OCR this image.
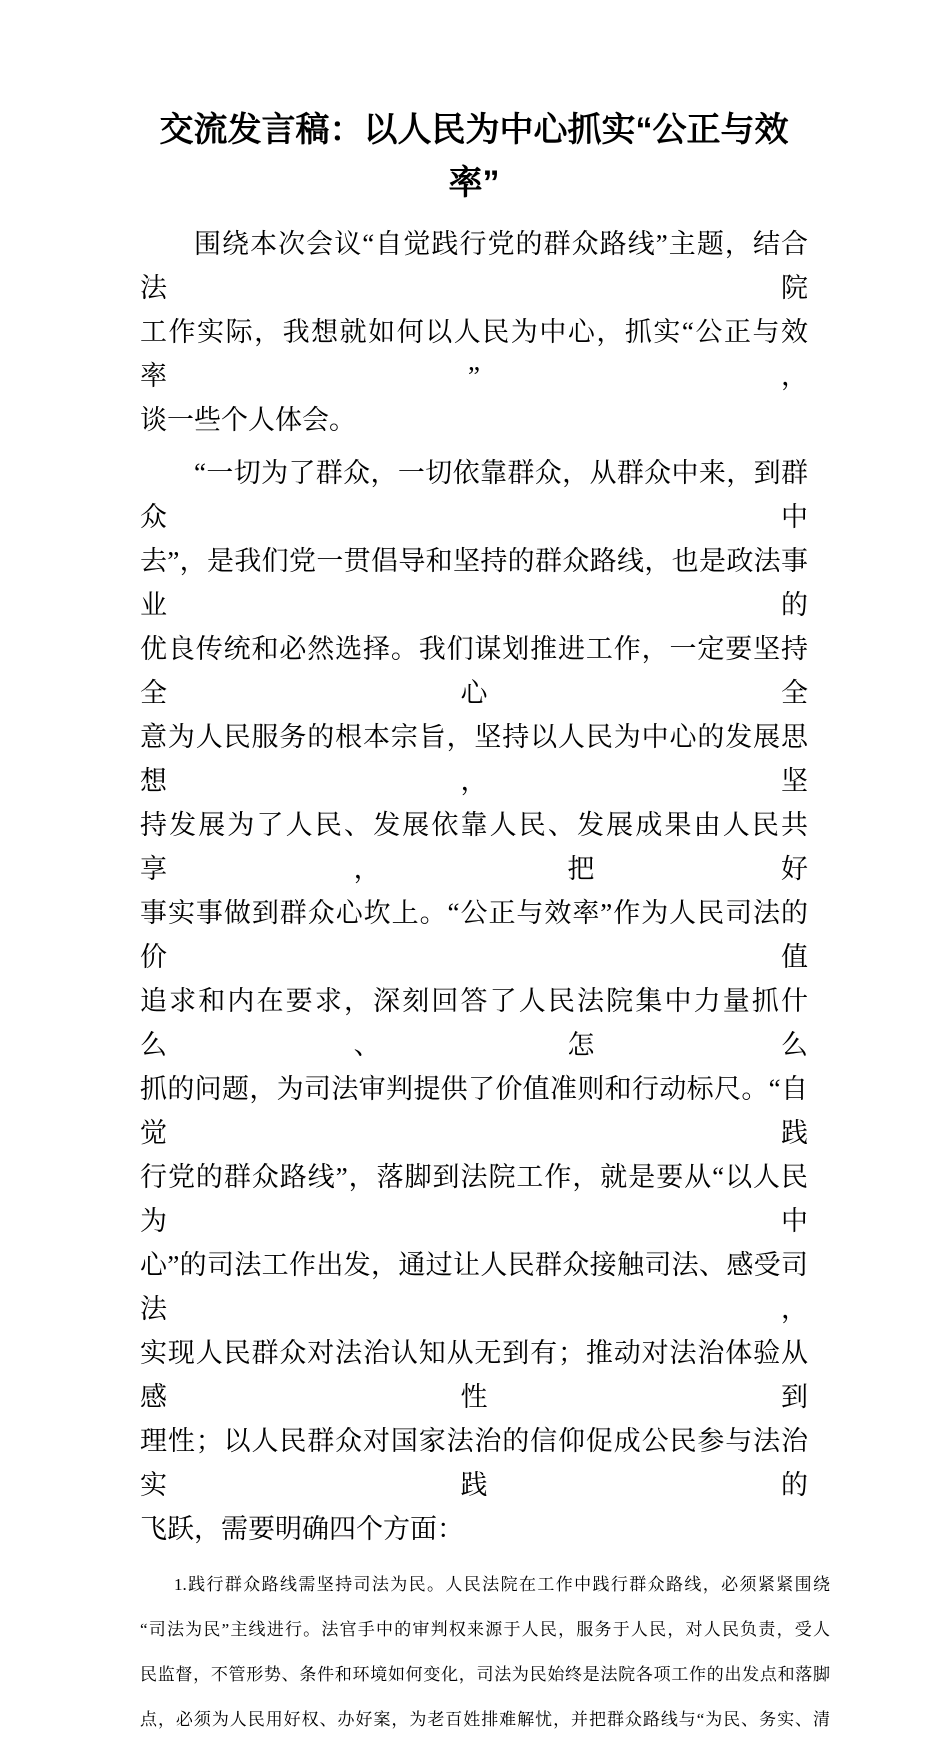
交流发言稿：以人民为中心抓实“公正与效
率”
围绕本次会议“自觉践行党的群众路线”主题，结合法院
工作实际，我想就如何以人民为中心，抓实“公正与效率”，
谈一些个人体会。
“一切为了群众，一切依靠群众，从群众中来，到群众中
去”，是我们党一贯倡导和坚持的群众路线，也是政法事业的
优良传统和必然选择。我们谋划推进工作，一定要坚持全心全
意为人民服务的根本宗旨，坚持以人民为中心的发展思想，坚
持发展为了人民、发展依靠人民、发展成果由人民共享，把好
事实事做到群众心坎上。“公正与效率”作为人民司法的价值
追求和内在要求，深刻回答了人民法院集中力量抓什么、怎么
抓的问题，为司法审判提供了价值准则和行动标尺。“自觉践
行党的群众路线”，落脚到法院工作，就是要从“以人民为中
心”的司法工作出发，通过让人民群众接触司法、感受司法，
实现人民群众对法治认知从无到有；推动对法治体验从感性到
理性；以人民群众对国家法治的信仰促成公民参与法治实践的
飞跃，需要明确四个方面：
1.践行群众路线需坚持司法为民。人民法院在工作中践行群众路线，必须紧紧围绕
“司法为民”主线进行。法官手中的审判权来源于人民，服务于人民，对人民负责，受人
民监督，不管形势、条件和环境如何变化，司法为民始终是法院各项工作的出发点和落脚
点，必须为人民用好权、办好案，为老百姓排难解忧，并把群众路线与“为民、务实、清
